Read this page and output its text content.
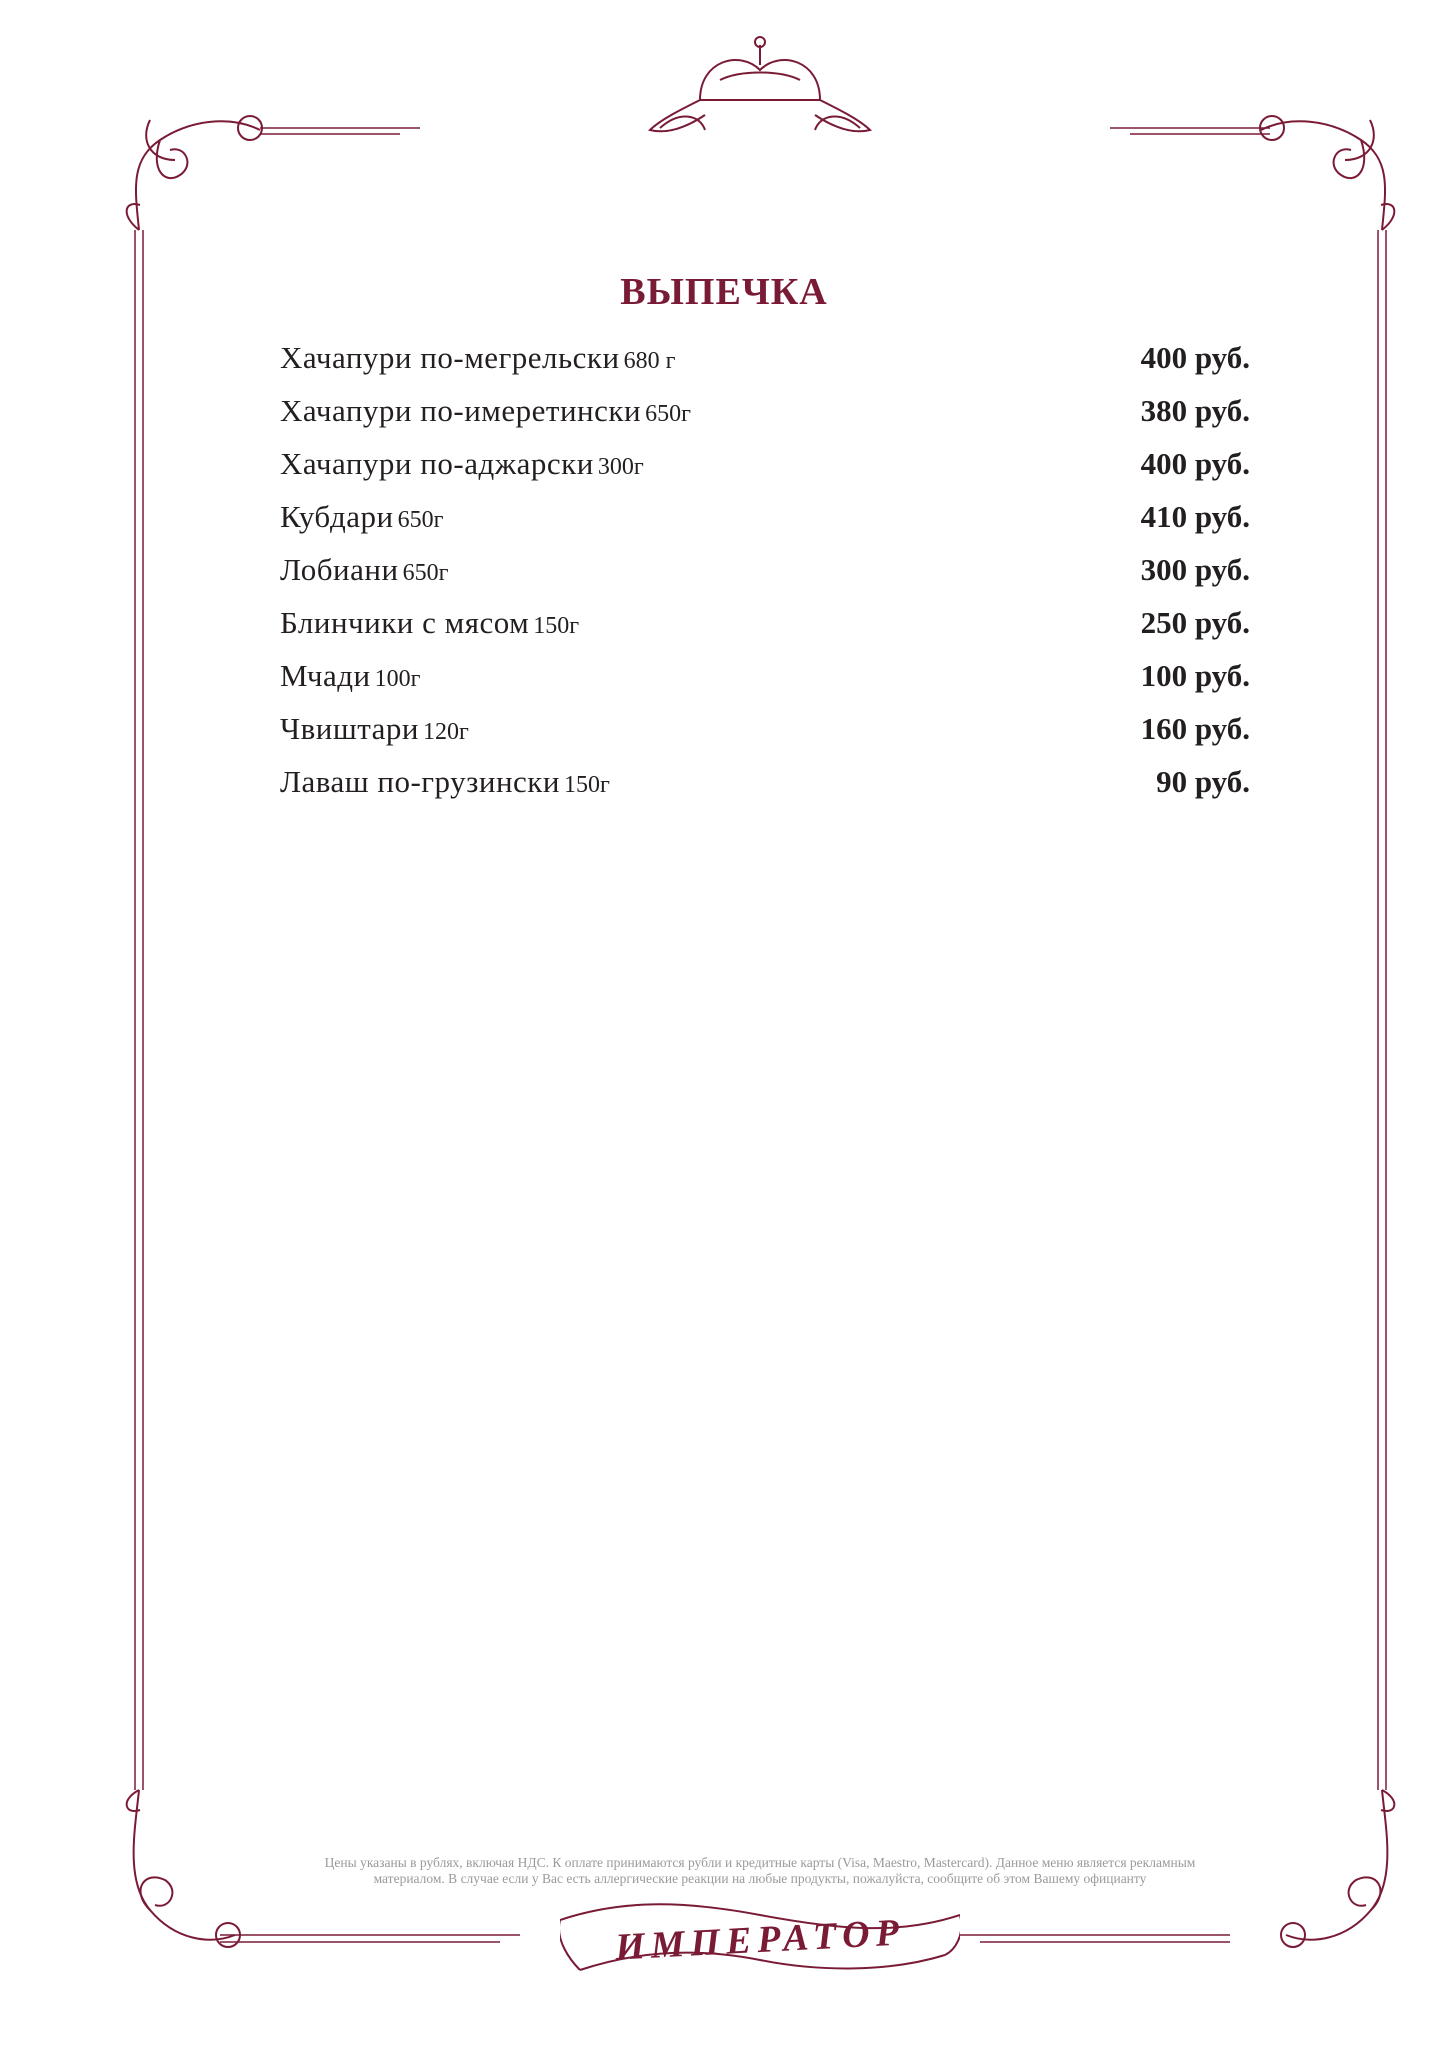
ВЫПЕЧКА
Хачапури по-мегрельски 680 г	400 руб.
Хачапури по-имеретински 650г	380 руб.
Хачапури по-аджарски 300г	400 руб.
Кубдари 650г	410 руб.
Лобиани 650г	300 руб.
Блинчики с мясом 150г	250 руб.
Мчади 100г	100 руб.
Чвиштари 120г	160 руб.
Лаваш по-грузински 150г	90 руб.
Цены указаны в рублях, включая НДС. К оплате принимаются рубли и кредитные карты (Visa, Maestro, Mastercard). Данное меню является рекламным
материалом. В случае если у Вас есть аллергические реакции на любые продукты, пожалуйста, сообщите об этом Вашему официанту
ИМПЕРАТОР
